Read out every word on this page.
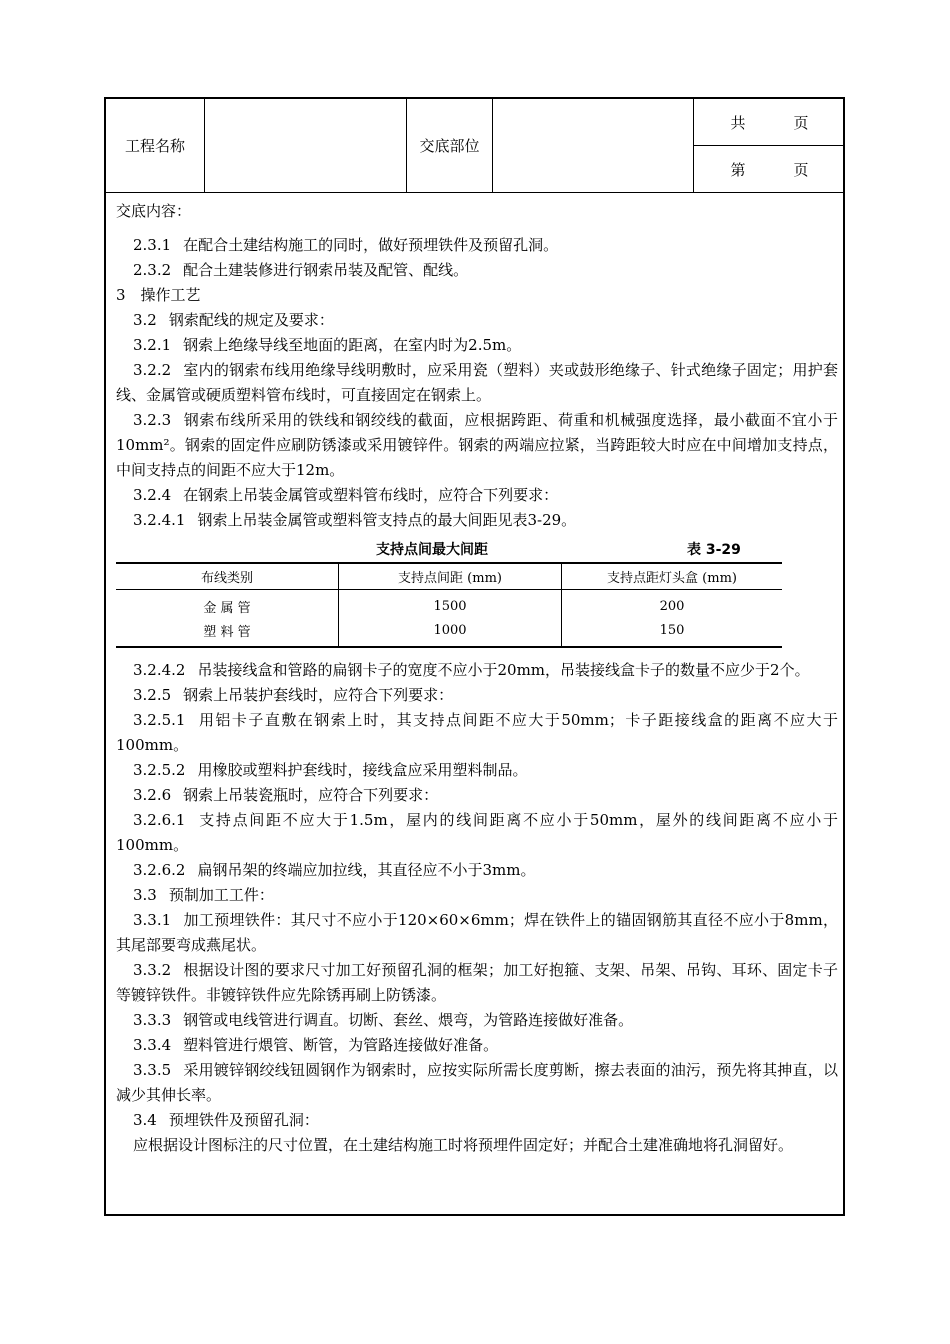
工程名称	交底部位
共	页
第	页

交底内容：

2.3.1 在配合土建结构施工的同时，做好预埋铁件及预留孔洞。

2.3.2 配合土建装修进行钢索吊装及配管、配线。

3　操作工艺

3.2 钢索配线的规定及要求：

3.2.1 钢索上绝缘导线至地面的距离，在室内时为2.5m。

3.2.2 室内的钢索布线用绝缘导线明敷时，应采用瓷（塑料）夹或鼓形绝缘子、针式绝缘子固定；用护套线、金属管或硬质塑料管布线时，可直接固定在钢索上。

3.2.3 钢索布线所采用的铁线和钢绞线的截面，应根据跨距、荷重和机械强度选择，最小截面不宜小于10mm²。钢索的固定件应刷防锈漆或采用镀锌件。钢索的两端应拉紧，当跨距较大时应在中间增加支持点，中间支持点的间距不应大于12m。

3.2.4 在钢索上吊装金属管或塑料管布线时，应符合下列要求：

3.2.4.1 钢索上吊装金属管或塑料管支持点的最大间距见表3-29。

3.2.4.2 吊装接线盒和管路的扁钢卡子的宽度不应小于20mm，吊装接线盒卡子的数量不应少于2个。

3.2.5 钢索上吊装护套线时，应符合下列要求：

3.2.5.1 用铝卡子直敷在钢索上时，其支持点间距不应大于50mm；卡子距接线盒的距离不应大于100mm。

3.2.5.2 用橡胶或塑料护套线时，接线盒应采用塑料制品。

3.2.6 钢索上吊装瓷瓶时，应符合下列要求：

3.2.6.1 支持点间距不应大于1.5m，屋内的线间距离不应小于50mm，屋外的线间距离不应小于100mm。

3.2.6.2 扁钢吊架的终端应加拉线，其直径应不小于3mm。

3.3 预制加工工件：

3.3.1 加工预埋铁件：其尺寸不应小于120×60×6mm；焊在铁件上的锚固钢筋其直径不应小于8mm，其尾部要弯成燕尾状。

3.3.2 根据设计图的要求尺寸加工好预留孔洞的框架；加工好抱箍、支架、吊架、吊钩、耳环、固定卡子等镀锌铁件。非镀锌铁件应先除锈再刷上防锈漆。

3.3.3 钢管或电线管进行调直。切断、套丝、煨弯，为管路连接做好准备。

3.3.4 塑料管进行煨管、断管，为管路连接做好准备。

3.3.5 采用镀锌钢绞线钮圆钢作为钢索时，应按实际所需长度剪断，擦去表面的油污，预先将其抻直，以减少其伸长率。

3.4 预埋铁件及预留孔洞：

应根据设计图标注的尺寸位置，在土建结构施工时将预埋件固定好；并配合土建准确地将孔洞留好。

支持点间最大间距	表 3-29
布线类别	支持点间距 (mm)	支持点距灯头盒 (mm)
金 属 管	1500	200
塑 料 管	1000	150
